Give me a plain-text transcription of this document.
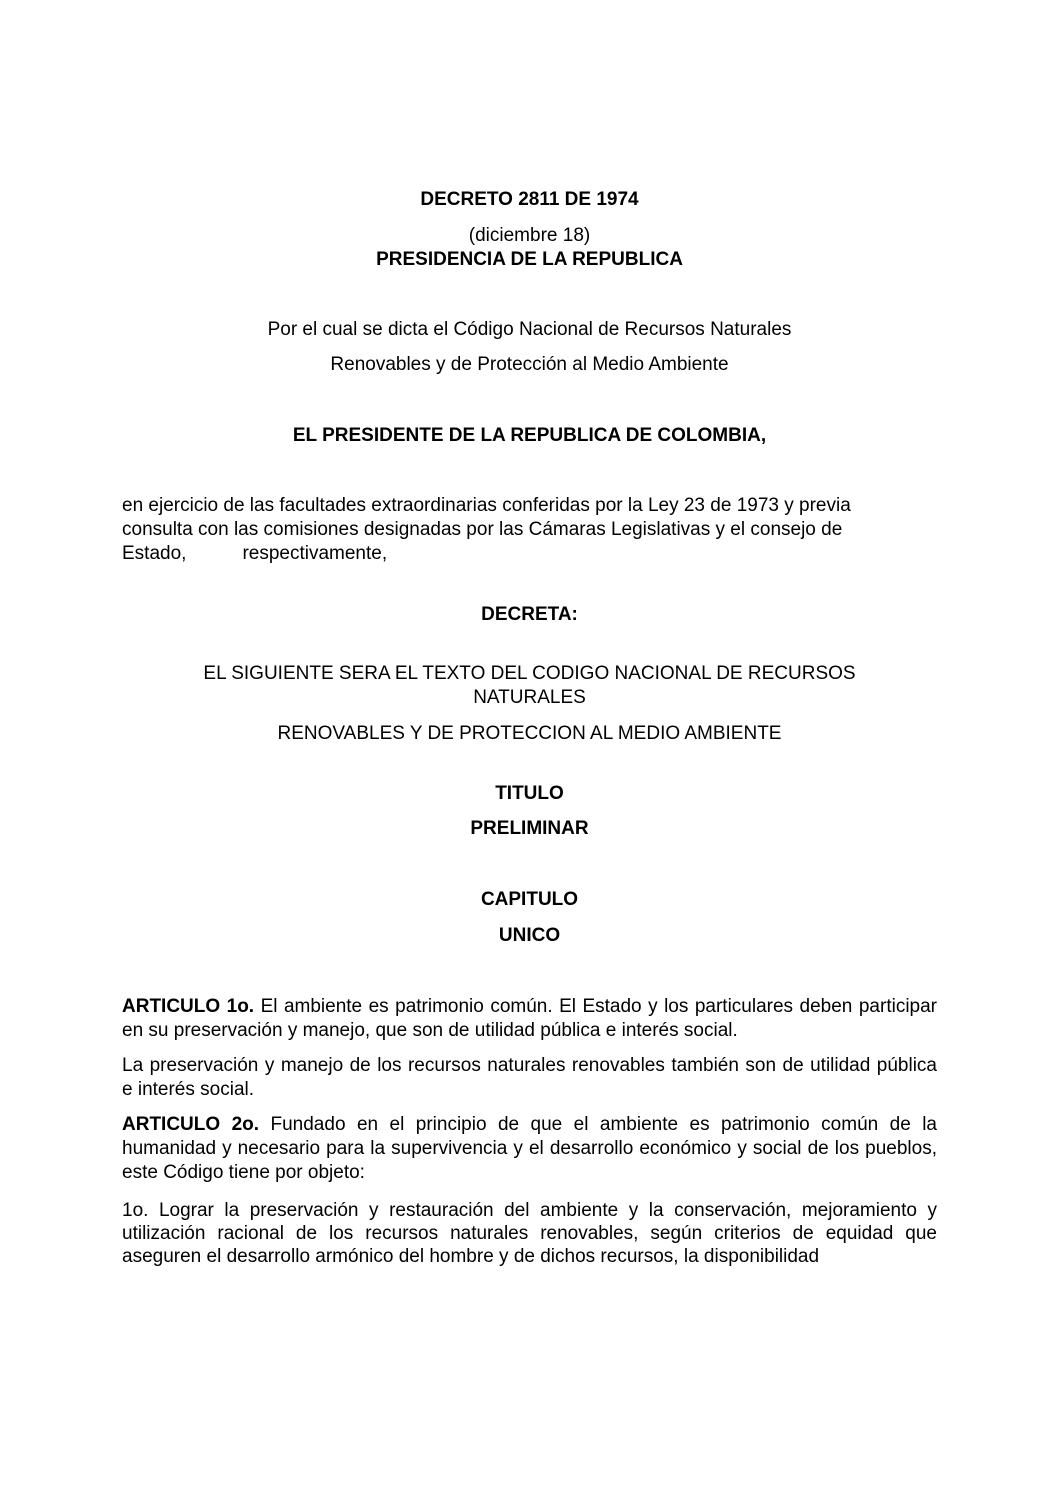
DECRETO 2811 DE 1974

(diciembre 18)

PRESIDENCIA DE LA REPUBLICA

Por el cual se dicta el Código Nacional de Recursos Naturales

Renovables y de Protección al Medio Ambiente

EL PRESIDENTE DE LA REPUBLICA DE COLOMBIA,

en ejercicio de las facultades extraordinarias conferidas por la Ley 23 de 1973 y previa
consulta con las comisiones designadas por las Cámaras Legislativas y el consejo de
Estado,	respectivamente,

DECRETA:

EL SIGUIENTE SERA EL TEXTO DEL CODIGO NACIONAL DE RECURSOS

NATURALES

RENOVABLES Y DE PROTECCION AL MEDIO AMBIENTE

TITULO

PRELIMINAR

CAPITULO

UNICO

ARTICULO 1o. El ambiente es patrimonio común. El Estado y los particulares deben participar en su preservación y manejo, que son de utilidad pública e interés social.
La preservación y manejo de los recursos naturales renovables también son de utilidad pública e interés social.
ARTICULO 2o. Fundado en el principio de que el ambiente es patrimonio común de la humanidad y necesario para la supervivencia y el desarrollo económico y social de los pueblos, este Código tiene por objeto:
1o. Lograr la preservación y restauración del ambiente y la conservación, mejoramiento y utilización racional de los recursos naturales renovables, según criterios de equidad que aseguren el desarrollo armónico del hombre y de dichos recursos, la disponibilidad
